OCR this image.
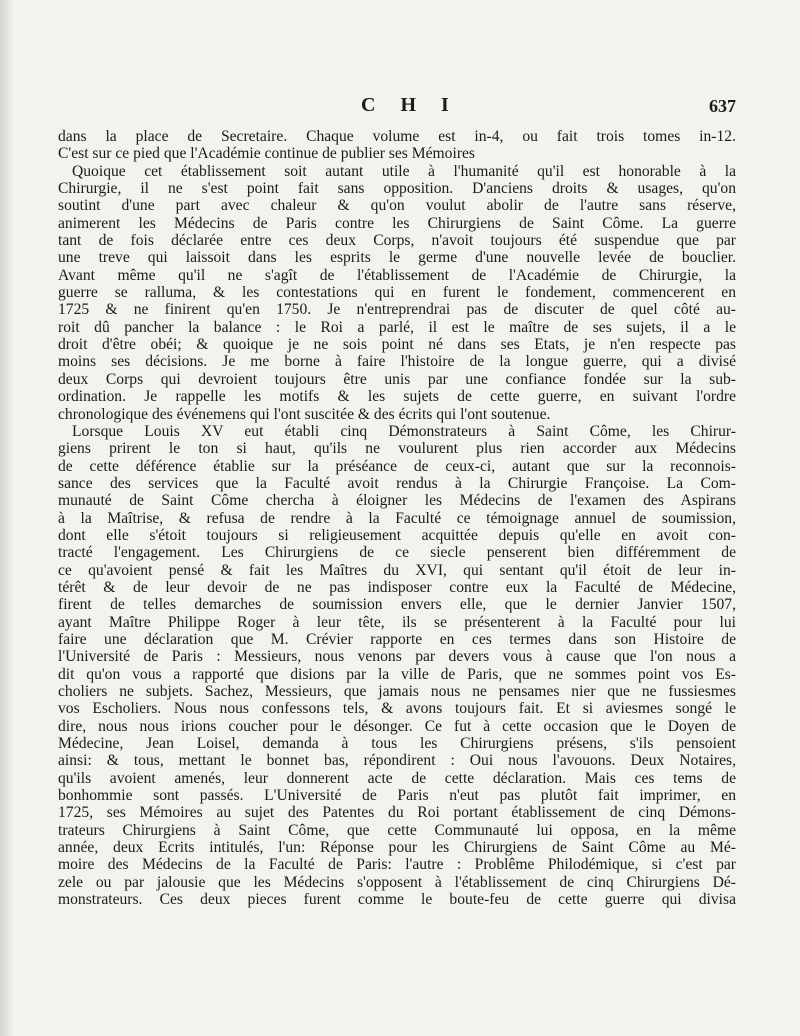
C H I	637
dans la place de Secretaire. Chaque volume est in-4, ou fait trois tomes in-12.
C'est sur ce pied que l'Académie continue de publier ses Mémoires
Quoique cet établissement soit autant utile à l'humanité qu'il est honorable à la
Chirurgie, il ne s'est point fait sans opposition. D'anciens droits & usages, qu'on
soutint d'une part avec chaleur & qu'on voulut abolir de l'autre sans réserve,
animerent les Médecins de Paris contre les Chirurgiens de Saint Côme. La guerre
tant de fois déclarée entre ces deux Corps, n'avoit toujours été suspendue que par
une treve qui laissoit dans les esprits le germe d'une nouvelle levée de bouclier.
Avant même qu'il ne s'agît de l'établissement de l'Académie de Chirurgie, la
guerre se ralluma, & les contestations qui en furent le fondement, commencerent en
1725 & ne finirent qu'en 1750. Je n'entreprendrai pas de discuter de quel côté au-
roit dû pancher la balance : le Roi a parlé, il est le maître de ses sujets, il a le
droit d'être obéi; & quoique je ne sois point né dans ses Etats, je n'en respecte pas
moins ses décisions. Je me borne à faire l'histoire de la longue guerre, qui a divisé
deux Corps qui devroient toujours être unis par une confiance fondée sur la sub-
ordination. Je rappelle les motifs & les sujets de cette guerre, en suivant l'ordre
chronologique des événemens qui l'ont suscitée & des écrits qui l'ont soutenue.
Lorsque Louis XV eut établi cinq Démonstrateurs à Saint Côme, les Chirur-
giens prirent le ton si haut, qu'ils ne voulurent plus rien accorder aux Médecins
de cette déférence établie sur la préséance de ceux-ci, autant que sur la reconnois-
sance des services que la Faculté avoit rendus à la Chirurgie Françoise. La Com-
munauté de Saint Côme chercha à éloigner les Médecins de l'examen des Aspirans
à la Maîtrise, & refusa de rendre à la Faculté ce témoignage annuel de soumission,
dont elle s'étoit toujours si religieusement acquittée depuis qu'elle en avoit con-
tracté l'engagement. Les Chirurgiens de ce siecle penserent bien différemment de
ce qu'avoient pensé & fait les Maîtres du XVI, qui sentant qu'il étoit de leur in-
térêt & de leur devoir de ne pas indisposer contre eux la Faculté de Médecine,
firent de telles demarches de soumission envers elle, que le dernier Janvier 1507,
ayant Maître Philippe Roger à leur tête, ils se présenterent à la Faculté pour lui
faire une déclaration que M. Crévier rapporte en ces termes dans son Histoire de
l'Université de Paris : Messieurs, nous venons par devers vous à cause que l'on nous a
dit qu'on vous a rapporté que disions par la ville de Paris, que ne sommes point vos Es-
choliers ne subjets. Sachez, Messieurs, que jamais nous ne pensames nier que ne fussiesmes
vos Escholiers. Nous nous confessons tels, & avons toujours fait. Et si aviesmes songé le
dire, nous nous irions coucher pour le désonger. Ce fut à cette occasion que le Doyen de
Médecine, Jean Loisel, demanda à tous les Chirurgiens présens, s'ils pensoient
ainsi: & tous, mettant le bonnet bas, répondirent : Oui nous l'avouons. Deux Notaires,
qu'ils avoient amenés, leur donnerent acte de cette déclaration. Mais ces tems de
bonhommie sont passés. L'Université de Paris n'eut pas plutôt fait imprimer, en
1725, ses Mémoires au sujet des Patentes du Roi portant établissement de cinq Démons-
trateurs Chirurgiens à Saint Côme, que cette Communauté lui opposa, en la même
année, deux Ecrits intitulés, l'un: Réponse pour les Chirurgiens de Saint Côme au Mé-
moire des Médecins de la Faculté de Paris: l'autre : Problême Philodémique, si c'est par
zele ou par jalousie que les Médecins s'opposent à l'établissement de cinq Chirurgiens Dé-
monstrateurs. Ces deux pieces furent comme le boute-feu de cette guerre qui divisa
